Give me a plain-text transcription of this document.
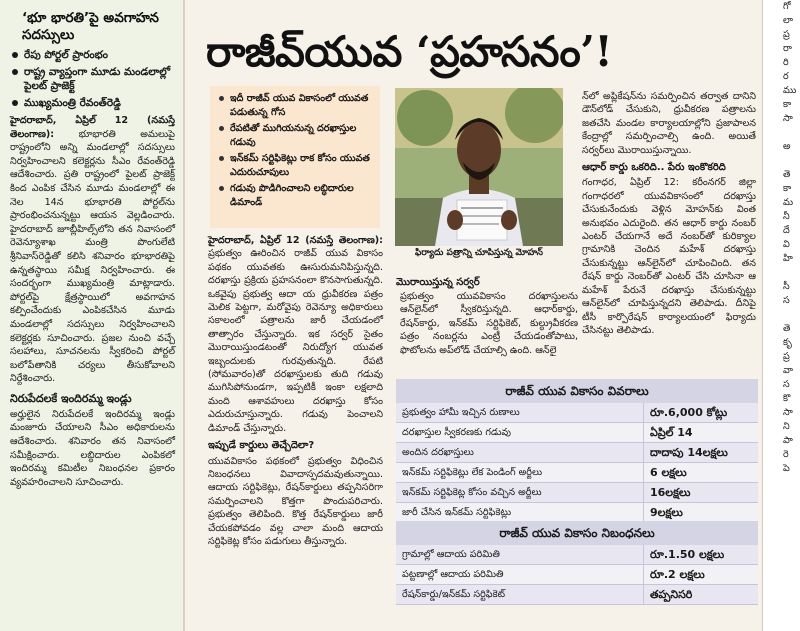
‘భూ భారతి’పై అవగాహన సదస్సులు
రేపు పోర్టల్ ప్రారంభం
రాష్ట్ర వ్యాప్తంగా మూడు మండలాల్లో పైలట్ ప్రాజెక్ట్
ముఖ్యమంత్రి రేవంత్‌రెడ్డి

హైదరాబాద్, ఏప్రిల్ 12 (నమస్తే తెలంగాణ):	భూభారతి అమలుపై రాష్ట్రంలోని అన్ని మండలాల్లో సదస్సులు నిర్వహించాలని కలెక్టర్లను సీఎం రేవంత్‌రెడ్డి ఆదేశించారు. ప్రతి రాష్ట్రంలో పైలట్ ప్రాజెక్ట్ కింద ఎంపిక చేసిన మూడు మండలాల్లో ఈ నెల 14న భూభారతి పోర్టల్‌ను ప్రారంభించనున్నట్టు ఆయన వెల్లడించారు. హైదరాబాద్ జూబ్లీహిల్స్‌లోని తన నివాసంలో రెవెన్యూశాఖ మంత్రి పొంగులేటి శ్రీనివాస్‌రెడ్డితో కలిసి శనివారం భూభారతిపై ఉన్నతస్థాయి సమీక్ష నిర్వహించారు. ఈ సందర్భంగా ముఖ్యమంత్రి మాట్లాడారు. పోర్టల్‌పై క్షేత్రస్థాయిలో అవగాహన కల్పించేందుకు ఎంపికచేసిన మూడు మండలాల్లో సదస్సులు నిర్వహించాలని కలెక్టర్లకు సూచించారు. ప్రజల నుంచి వచ్చే సలహాలు, సూచనలను స్వీకరించి పోర్టల్ బలోపేతానికి చర్యలు తీసుకోవాలని నిర్దేశించారు.

నిరుపేదలకే ఇందిరమ్మ ఇండ్లు

అర్హులైన నిరుపేదలకే ఇందిరమ్మ ఇండ్లు మంజూరు చేయాలని సీఎం అధికారులను ఆదేశించారు. శనివారం తన నివాసంలో సమీక్షించారు. లబ్ధిదారుల ఎంపికలో ఇందిరమ్మ కమిటీల నిబంధనల ప్రకారం వ్యవహరించాలని సూచించారు.

రాజీవ్‌యువ ‘ప్రహసనం’!
ఇదీ రాజీవ్ యువ వికాసంలో యువత పడుతున్న గోస
రేపటితో ముగియనున్న దరఖాస్తుల గడువు
ఇన్‌కమ్ సర్టిఫికెట్లు రాక కోసం యువత ఎదురుచూపులు
గడువు పొడిగించాలని లబ్ధిదారుల డిమాండ్
ఫిర్యాదు పత్రాన్ని చూపిస్తున్న మోహన్
మొరాయిస్తున్న సర్వర్

హైదరాబాద్, ఏప్రిల్ 12 (నమస్తే తెలంగాణ): ప్రభుత్వం ఊరించిన రాజీవ్ యువ వికాసం పథకం యువతకు ఊసురుమనిపిస్తున్నది. దరఖాస్తు ప్రక్రియ ప్రహసనంలా కొనసాగుతున్నది. ఒకవైపు ప్రభుత్వ ఆదా య ధ్రువీకరణ పత్రం మెలిక పెట్టగా, మరోవైపు రెవెన్యూ అధికారులు సకాలంలో పత్రాలను జారీ చేయడంలో తాత్సారం చేస్తున్నారు. ఇక సర్వర్ సైతం మొరాయిస్తుండటంతో నిరుద్యోగ యువత ఇబ్బందులకు గురవుతున్నది. రేపటి (సోమవారం)తో దరఖాస్తులకు తుది గడువు ముగిసిపోనుండగా, ఇప్పటికీ ఇంకా లక్షలాది మంది ఆశావహులు దరఖాస్తు కోసం ఎదురుచూస్తున్నారు. గడువు పెంచాలని డిమాండ్ చేస్తున్నారు.

ఇప్పుడే కార్డులు తెచ్చేదెలా?

యువవికాసం పథకంలో ప్రభుత్వం విధించిన నిబంధనలు వివాదాస్పదమవుతున్నాయి. ఆదాయ సర్టిఫికెట్లు, రేషన్‌కార్డులు తప్పనిసరిగా సమర్పించాలని కొత్తగా పొందుపరిచారు. ప్రభుత్వం తెలిపింది. కొత్త రేషన్‌కార్డులు జారీ చేయకపోవడం వల్ల చాలా మంది ఆదాయ సర్టిఫికెట్ల కోసం పడుగులు తీస్తున్నారు.

ప్రభుత్వం యువవికాసం దరఖాస్తులను ఆన్‌లైన్‌లో స్వీకరిస్తున్నది. ఆధార్‌కార్డు, రేషన్‌కార్డు, ఇన్‌కమ్ సర్టిఫికెట్, కుల్ధ్రువీకరణ పత్రం నంబర్లను ఎంట్రీ చేయడంతోపాటు, ఫొటోలను అప్‌లోడ్ చేయాల్సి ఉంది. ఆన్‌లై

న్‌లో అప్లికేషన్‌ను సమర్పించిన తర్వాత దానిని డౌన్‌లోడ్ చేసుకుని, ధ్రువీకరణ పత్రాలను జతచేసి మండల కార్యాలయాల్లోని ప్రజాపాలన కేంద్రాల్లో సమర్పించాల్సి ఉంది. అయితే సర్వర్‌లు మొరాయిస్తున్నాయి.

ఆధార్ కార్డు ఒకరిది.. పేరు ఇంకొకరిది

గంగాధర, ఏప్రిల్ 12: కరీంనగర్ జిల్లా గంగాధరలో యువవికాసంలో దరఖాస్తు చేసుకునేందుకు వెళ్లిన మోహన్‌కు వింత అనుభవం ఎదురైంది. తన ఆధార్ కార్డు నంబర్ ఎంటర్ చేయగానే అదే నంబర్‌తో కురిక్యాల గ్రామానికి చెందిన మహేశ్ దరఖాస్తు చేసుకున్నట్టు ఆన్‌లైన్‌లో చూపించింది. తన రేషన్ కార్డు నెంబర్‌తో ఎంటర్ చేసి చూసినా ఆ మహేశ్ పేరునే దరఖాస్తు చేసుకున్నట్టు ఆన్‌లైన్‌లో చూపిస్తున్నదని తెలిపాడు. దీనిపై టీసీ కార్పొరేషన్ కార్యాలయంలో ఫిర్యాదు చేసినట్టు తెలిపాడు.

రాజీవ్ యువ వికాసం వివరాలు
ప్రభుత్వం హామీ ఇచ్చిన రుణాలు	రూ.6,000 కోట్లు
దరఖాస్తుల స్వీకరణకు గడువు	ఏప్రిల్ 14
అందిన దరఖాస్తులు	దాదాపు 14లక్షలు
ఇన్‌కమ్ సర్టిఫికెట్లు లేక పెండింగ్ అర్జీలు	6 లక్షలు
ఇన్‌కమ్ సర్టిఫికెట్ల కోసం వచ్చిన అర్జీలు	16లక్షలు
జారీ చేసిన ఇన్‌కమ్ సర్టిఫికెట్లు	9లక్షలు
రాజీవ్ యువ వికాసం నిబంధనలు
గ్రామాల్లో ఆదాయ పరిమితి	రూ.1.50 లక్షలు
పట్టణాల్లో ఆదాయ పరిమితి	రూ.2 లక్షలు
రేషన్‌కార్డు/ఇన్‌కమ్ సర్టిఫికెట్	తప్పనిసరి
గో
లా
ప్ర
రా
రి
ర
ము
కా
సా

అ

తె
కా
మ
నీ
దే
వి
హి

సీ
స

తె
కృ
ప్ర
వా
స
కొ
సా
ని
పా
రె
పె
